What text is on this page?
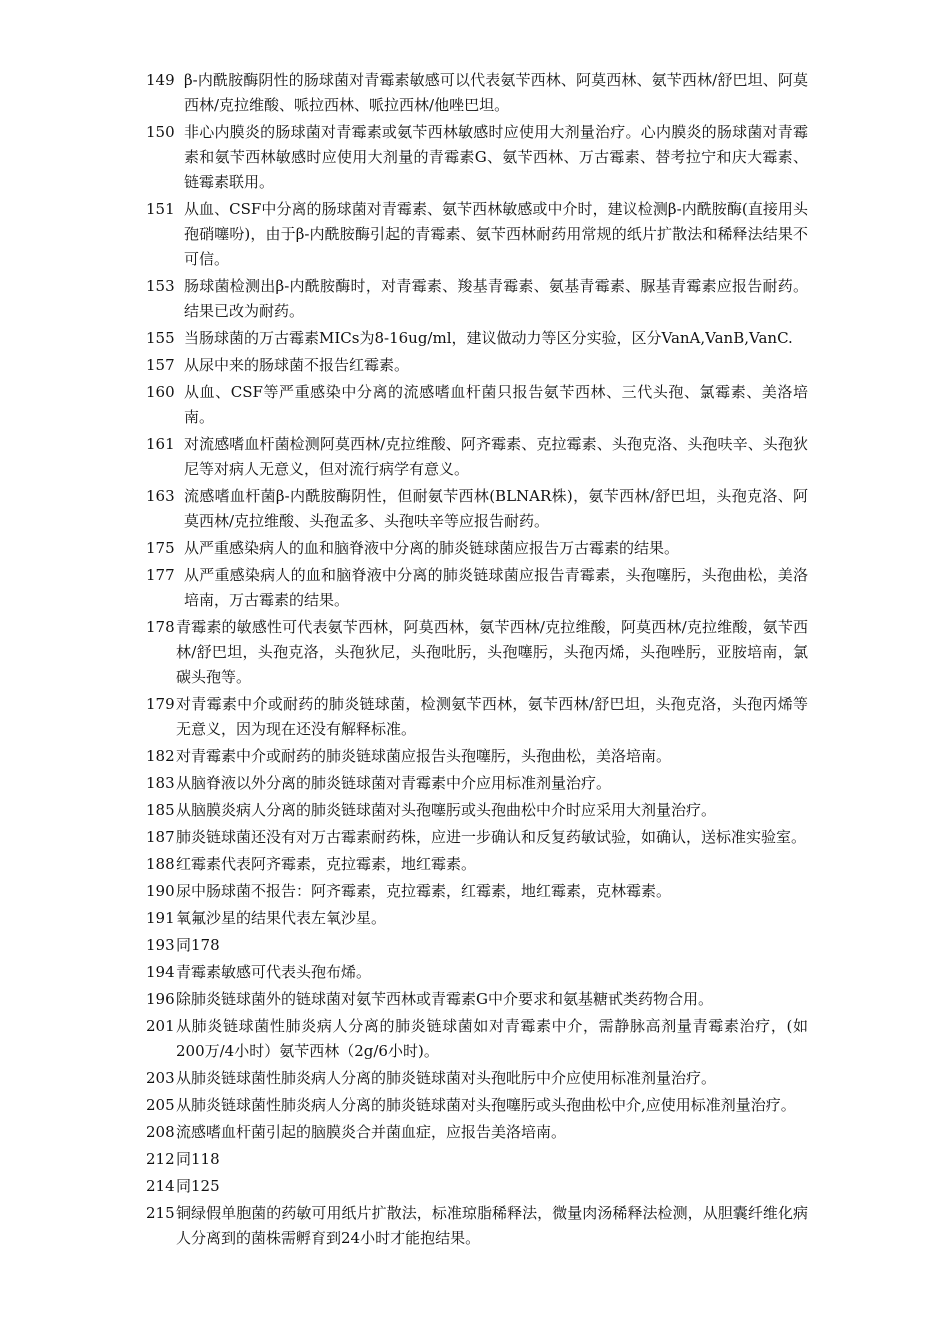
149 β-内酰胺酶阴性的肠球菌对青霉素敏感可以代表氨苄西林、阿莫西林、氨苄西林/舒巴坦、阿莫西林/克拉维酸、哌拉西林、哌拉西林/他唑巴坦。
150 非心内膜炎的肠球菌对青霉素或氨苄西林敏感时应使用大剂量治疗。心内膜炎的肠球菌对青霉素和氨苄西林敏感时应使用大剂量的青霉素G、氨苄西林、万古霉素、替考拉宁和庆大霉素、链霉素联用。
151 从血、CSF中分离的肠球菌对青霉素、氨苄西林敏感或中介时，建议检测β-内酰胺酶(直接用头孢硝噻吩)，由于β-内酰胺酶引起的青霉素、氨苄西林耐药用常规的纸片扩散法和稀释法结果不可信。
153 肠球菌检测出β-内酰胺酶时，对青霉素、羧基青霉素、氨基青霉素、脲基青霉素应报告耐药。结果已改为耐药。
155 当肠球菌的万古霉素MICs为8-16ug/ml，建议做动力等区分实验，区分VanA,VanB,VanC.
157 从尿中来的肠球菌不报告红霉素。
160 从血、CSF等严重感染中分离的流感嗜血杆菌只报告氨苄西林、三代头孢、氯霉素、美洛培南。
161 对流感嗜血杆菌检测阿莫西林/克拉维酸、阿齐霉素、克拉霉素、头孢克洛、头孢呋辛、头孢狄尼等对病人无意义，但对流行病学有意义。
163 流感嗜血杆菌β-内酰胺酶阴性，但耐氨苄西林(BLNAR株)，氨苄西林/舒巴坦，头孢克洛、阿莫西林/克拉维酸、头孢孟多、头孢呋辛等应报告耐药。
175 从严重感染病人的血和脑脊液中分离的肺炎链球菌应报告万古霉素的结果。
177 从严重感染病人的血和脑脊液中分离的肺炎链球菌应报告青霉素，头孢噻肟，头孢曲松，美洛培南，万古霉素的结果。
178 青霉素的敏感性可代表氨苄西林，阿莫西林，氨苄西林/克拉维酸，阿莫西林/克拉维酸，氨苄西林/舒巴坦，头孢克洛，头孢狄尼，头孢吡肟，头孢噻肟，头孢丙烯，头孢唑肟，亚胺培南，氯碳头孢等。
179 对青霉素中介或耐药的肺炎链球菌，检测氨苄西林，氨苄西林/舒巴坦，头孢克洛，头孢丙烯等无意义，因为现在还没有解释标准。
182 对青霉素中介或耐药的肺炎链球菌应报告头孢噻肟，头孢曲松，美洛培南。
183 从脑脊液以外分离的肺炎链球菌对青霉素中介应用标准剂量治疗。
185 从脑膜炎病人分离的肺炎链球菌对头孢噻肟或头孢曲松中介时应采用大剂量治疗。
187 肺炎链球菌还没有对万古霉素耐药株，应进一步确认和反复药敏试验，如确认，送标准实验室。
188 红霉素代表阿齐霉素，克拉霉素，地红霉素。
190 尿中肠球菌不报告：阿齐霉素，克拉霉素，红霉素，地红霉素，克林霉素。
191 氧氟沙星的结果代表左氧沙星。
193 同178
194 青霉素敏感可代表头孢布烯。
196 除肺炎链球菌外的链球菌对氨苄西林或青霉素G中介要求和氨基糖甙类药物合用。
201 从肺炎链球菌性肺炎病人分离的肺炎链球菌如对青霉素中介，需静脉高剂量青霉素治疗，(如200万/4小时）氨苄西林（2g/6小时)。
203 从肺炎链球菌性肺炎病人分离的肺炎链球菌对头孢吡肟中介应使用标准剂量治疗。
205 从肺炎链球菌性肺炎病人分离的肺炎链球菌对头孢噻肟或头孢曲松中介,应使用标准剂量治疗。
208 流感嗜血杆菌引起的脑膜炎合并菌血症，应报告美洛培南。
212 同118
214 同125
215 铜绿假单胞菌的药敏可用纸片扩散法，标准琼脂稀释法，微量肉汤稀释法检测，从胆囊纤维化病人分离到的菌株需孵育到24小时才能抱结果。
